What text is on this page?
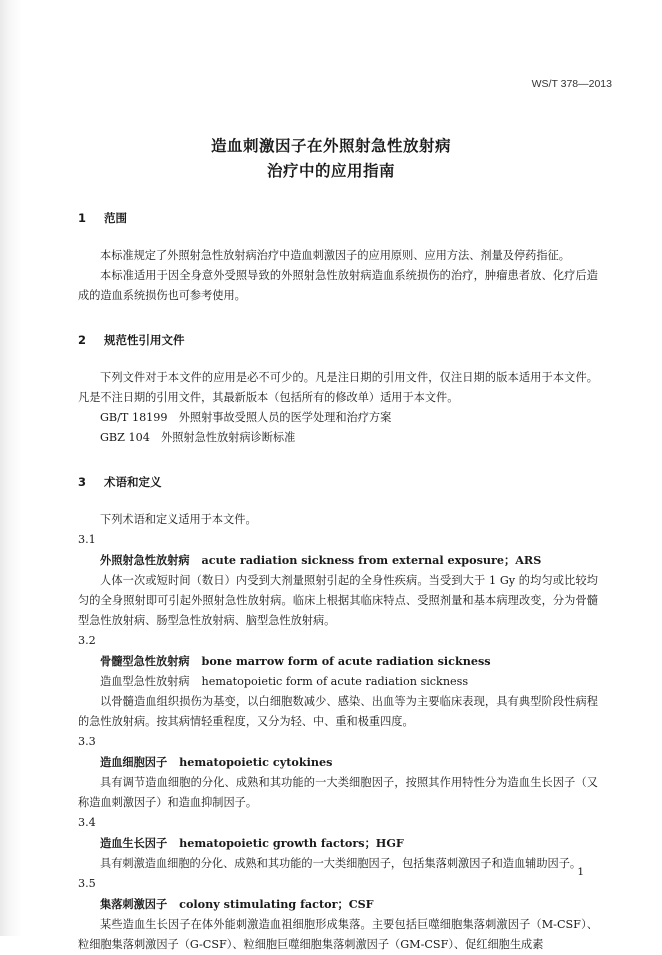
WS/T 378—2013
造血刺激因子在外照射急性放射病
治疗中的应用指南
1 范围

本标准规定了外照射急性放射病治疗中造血刺激因子的应用原则、应用方法、剂量及停药指征。

本标准适用于因全身意外受照导致的外照射急性放射病造血系统损伤的治疗，肿瘤患者放、化疗后造成的造血系统损伤也可参考使用。

2 规范性引用文件

下列文件对于本文件的应用是必不可少的。凡是注日期的引用文件，仅注日期的版本适用于本文件。凡是不注日期的引用文件，其最新版本（包括所有的修改单）适用于本文件。

GB/T 18199　外照射事故受照人员的医学处理和治疗方案
GBZ 104　外照射急性放射病诊断标准
3 术语和定义

下列术语和定义适用于本文件。

3.1
外照射急性放射病 acute radiation sickness from external exposure；ARS

人体一次或短时间（数日）内受到大剂量照射引起的全身性疾病。当受到大于 1 Gy 的均匀或比较均匀的全身照射即可引起外照射急性放射病。临床上根据其临床特点、受照剂量和基本病理改变，分为骨髓型急性放射病、肠型急性放射病、脑型急性放射病。

3.2
骨髓型急性放射病 bone marrow form of acute radiation sickness
造血型急性放射病 hematopoietic form of acute radiation sickness

以骨髓造血组织损伤为基变，以白细胞数减少、感染、出血等为主要临床表现，具有典型阶段性病程的急性放射病。按其病情轻重程度，又分为轻、中、重和极重四度。

3.3
造血细胞因子 hematopoietic cytokines

具有调节造血细胞的分化、成熟和其功能的一大类细胞因子，按照其作用特性分为造血生长因子（又称造血刺激因子）和造血抑制因子。

3.4
造血生长因子 hematopoietic growth factors；HGF

具有刺激造血细胞的分化、成熟和其功能的一大类细胞因子，包括集落刺激因子和造血辅助因子。

3.5
集落刺激因子 colony stimulating factor；CSF

某些造血生长因子在体外能刺激造血祖细胞形成集落。主要包括巨噬细胞集落刺激因子（M-CSF）、粒细胞集落刺激因子（G-CSF）、粒细胞巨噬细胞集落刺激因子（GM-CSF）、促红细胞生成素

1
